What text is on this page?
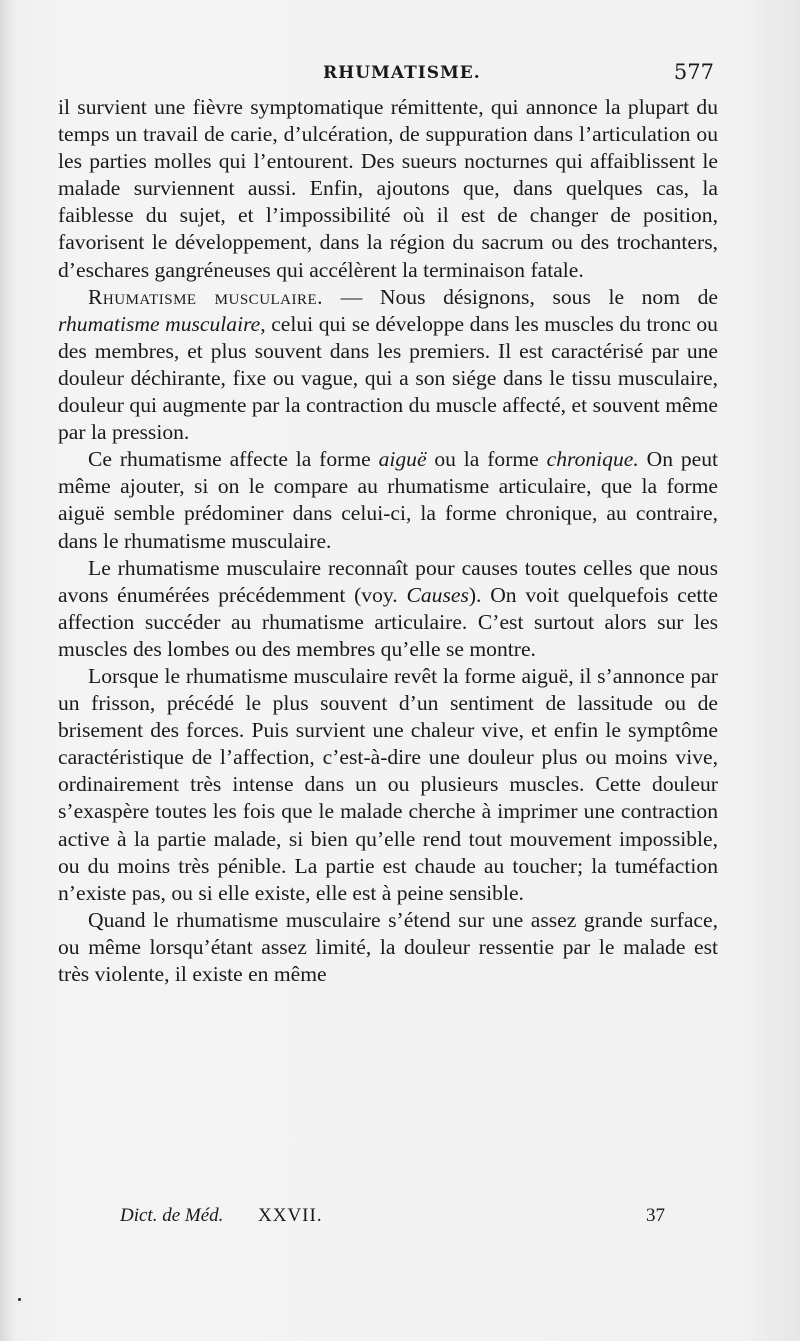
RHUMATISME.	577

il survient une fièvre symptomatique rémittente, qui annonce la plupart du temps un travail de carie, d’ulcération, de suppuration dans l’articulation ou les parties molles qui l’entourent. Des sueurs nocturnes qui affaiblissent le malade surviennent aussi. Enfin, ajoutons que, dans quelques cas, la faiblesse du sujet, et l’impossibilité où il est de changer de position, favorisent le développement, dans la région du sacrum ou des trochanters, d’eschares gangréneuses qui accélèrent la terminaison fatale.

Rhumatisme musculaire. — Nous désignons, sous le nom de rhumatisme musculaire, celui qui se développe dans les muscles du tronc ou des membres, et plus souvent dans les premiers. Il est caractérisé par une douleur déchirante, fixe ou vague, qui a son siége dans le tissu musculaire, douleur qui augmente par la contraction du muscle affecté, et souvent même par la pression.

Ce rhumatisme affecte la forme aiguë ou la forme chronique. On peut même ajouter, si on le compare au rhumatisme articulaire, que la forme aiguë semble prédominer dans celui-ci, la forme chronique, au contraire, dans le rhumatisme musculaire.

Le rhumatisme musculaire reconnaît pour causes toutes celles que nous avons énumérées précédemment (voy. Causes). On voit quelquefois cette affection succéder au rhumatisme articulaire. C’est surtout alors sur les muscles des lombes ou des membres qu’elle se montre.

Lorsque le rhumatisme musculaire revêt la forme aiguë, il s’annonce par un frisson, précédé le plus souvent d’un sentiment de lassitude ou de brisement des forces. Puis survient une chaleur vive, et enfin le symptôme caractéristique de l’affection, c’est-à-dire une douleur plus ou moins vive, ordinairement très intense dans un ou plusieurs muscles. Cette douleur s’exaspère toutes les fois que le malade cherche à imprimer une contraction active à la partie malade, si bien qu’elle rend tout mouvement impossible, ou du moins très pénible. La partie est chaude au toucher; la tuméfaction n’existe pas, ou si elle existe, elle est à peine sensible.

Quand le rhumatisme musculaire s’étend sur une assez grande surface, ou même lorsqu’étant assez limité, la douleur ressentie par le malade est très violente, il existe en même

Dict. de Méd. XXVII.	37
